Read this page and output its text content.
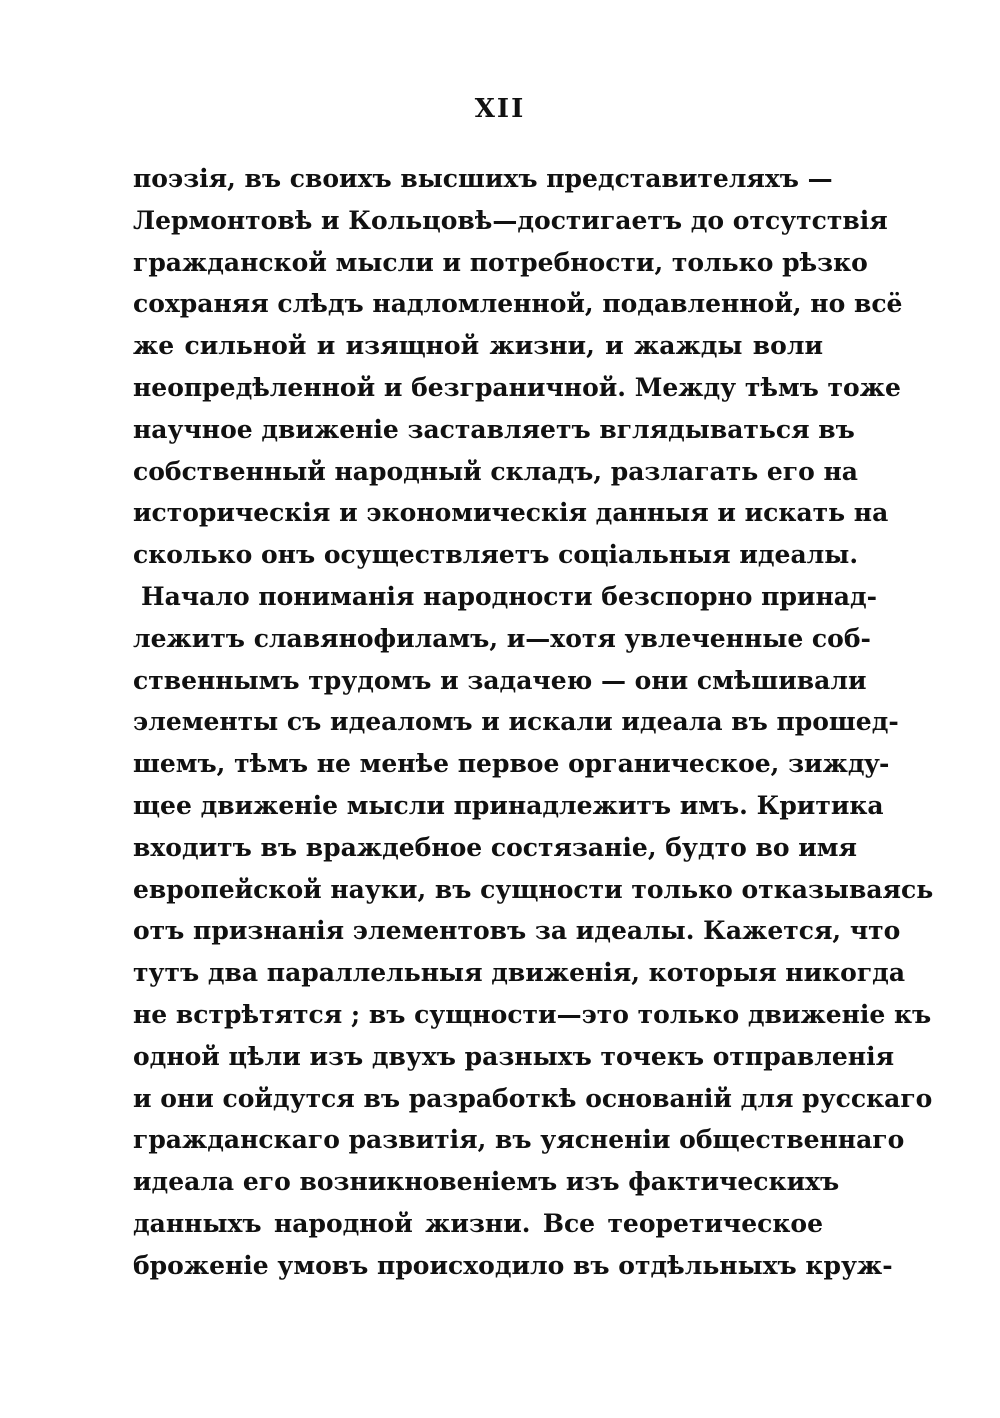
XII
поэзія, въ своихъ высшихъ представителяхъ —
Лермонтовѣ и Кольцовѣ—достигаетъ до отсутствія
гражданской мысли и потребности, только рѣзко
сохраняя слѣдъ надломленной, подавленной, но всё
же сильной и изящной жизни, и жажды воли
неопредѣленной и безграничной. Между тѣмъ тоже
научное движеніе заставляетъ вглядываться въ
собственный народный складъ, разлагать его на
историческія и экономическія данныя и искать на
сколько онъ осуществляетъ соціальныя идеалы.
Начало пониманія народности безспорно принад-
лежитъ славянофиламъ, и—хотя увлеченные соб-
ственнымъ трудомъ и задачею — они смѣшивали
элементы съ идеаломъ и искали идеала въ прошед-
шемъ, тѣмъ не менѣе первое органическое, зиждy-
щее движеніе мысли принадлежитъ имъ. Критика
входитъ въ враждебное состязаніе, будто во имя
европейской науки, въ сущности только отказываясь
отъ признанія элементовъ за идеалы. Кажется, что
тутъ два параллельныя движенія, которыя никогда
не встрѣтятся ; въ сущности—это только движеніе къ
одной цѣли изъ двухъ разныхъ точекъ отправленія
и они сойдутся въ разработкѣ основаній для русскаго
гражданскаго развитія, въ уясненіи общественнаго
идеала его возникновеніемъ изъ фактическихъ
данныхъ народной жизни. Все теоретическое
броженіе умовъ происходило въ отдѣльныхъ круж-
